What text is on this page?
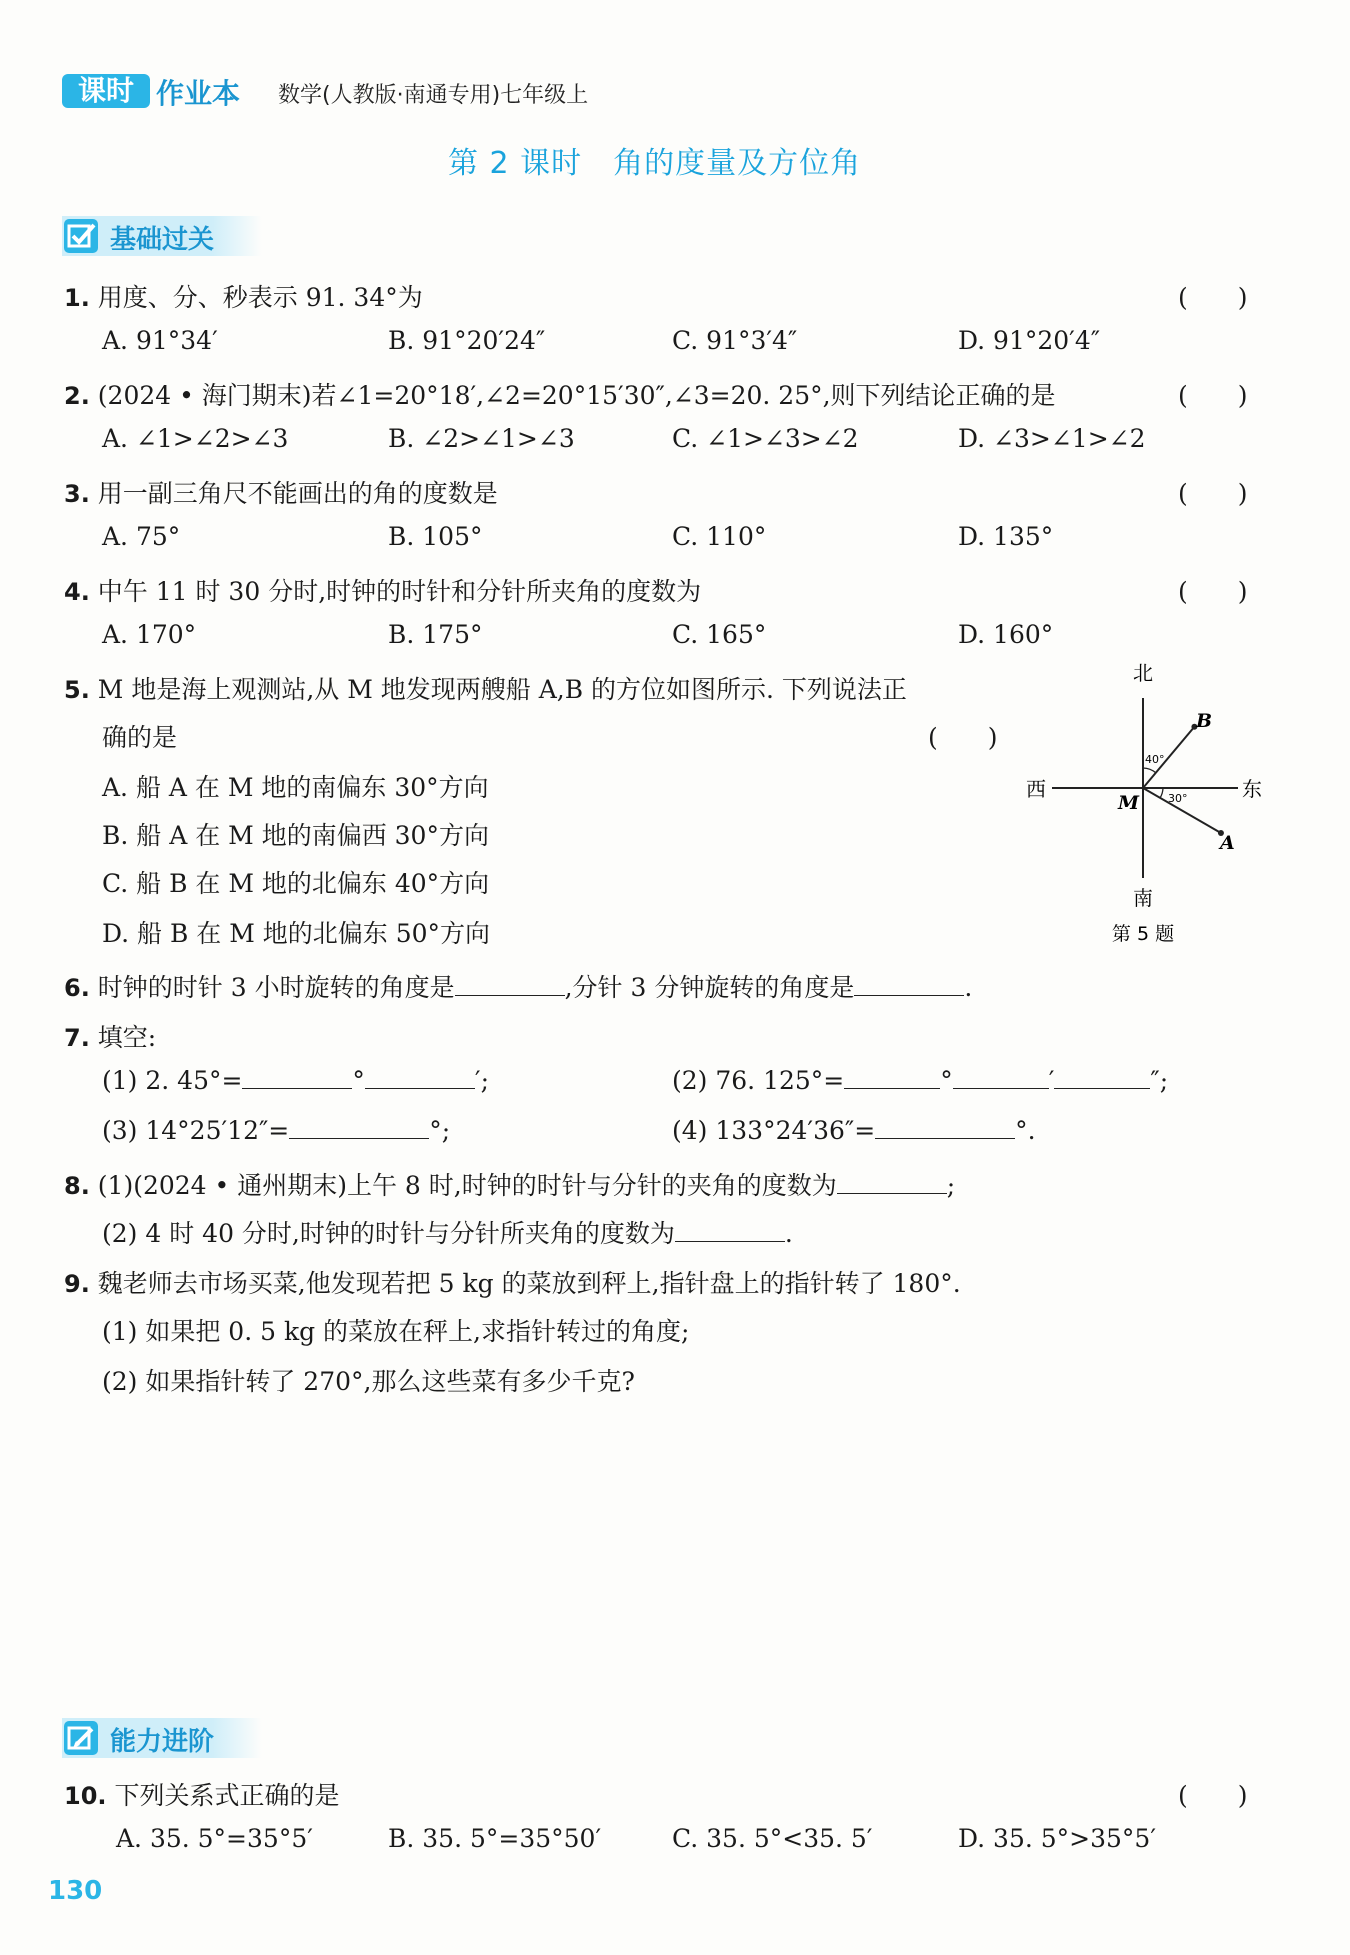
课时 作业本 数学(人教版·南通专用)七年级上
第 2 课时　角的度量及方位角
基础过关
1. 用度、分、秒表示 91. 34°为	(　　)
A. 91°34′	B. 91°20′24″	C. 91°3′4″	D. 91°20′4″
2. (2024 • 海门期末)若∠1=20°18′,∠2=20°15′30″,∠3=20. 25°,则下列结论正确的是	(　　)
A. ∠1>∠2>∠3	B. ∠2>∠1>∠3	C. ∠1>∠3>∠2	D. ∠3>∠1>∠2
3. 用一副三角尺不能画出的角的度数是	(　　)
A. 75°	B. 105°	C. 110°	D. 135°
4. 中午 11 时 30 分时,时钟的时针和分针所夹角的度数为	(　　)
A. 170°	B. 175°	C. 165°	D. 160°
5. M 地是海上观测站,从 M 地发现两艘船 A,B 的方位如图所示. 下列说法正
确的是	(　　)
A. 船 A 在 M 地的南偏东 30°方向
B. 船 A 在 M 地的南偏西 30°方向
C. 船 B 在 M 地的北偏东 40°方向
D. 船 B 在 M 地的北偏东 50°方向
北
南
西	东
M
B
A
40°
30°
第 5 题
6. 时钟的时针 3 小时旋转的角度是	,分针 3 分钟旋转的角度是	.
7. 填空:
(1) 2. 45°=	°	′;	(2) 76. 125°=	°	′	″;
(3) 14°25′12″=	°;	(4) 133°24′36″=	°.
8. (1)(2024 • 通州期末)上午 8 时,时钟的时针与分针的夹角的度数为	;
(2) 4 时 40 分时,时钟的时针与分针所夹角的度数为	.
9. 魏老师去市场买菜,他发现若把 5 kg 的菜放到秤上,指针盘上的指针转了 180°.
(1) 如果把 0. 5 kg 的菜放在秤上,求指针转过的角度;
(2) 如果指针转了 270°,那么这些菜有多少千克?
能力进阶
10. 下列关系式正确的是	(　　)
A. 35. 5°=35°5′	B. 35. 5°=35°50′	C. 35. 5°<35. 5′	D. 35. 5°>35°5′
130
